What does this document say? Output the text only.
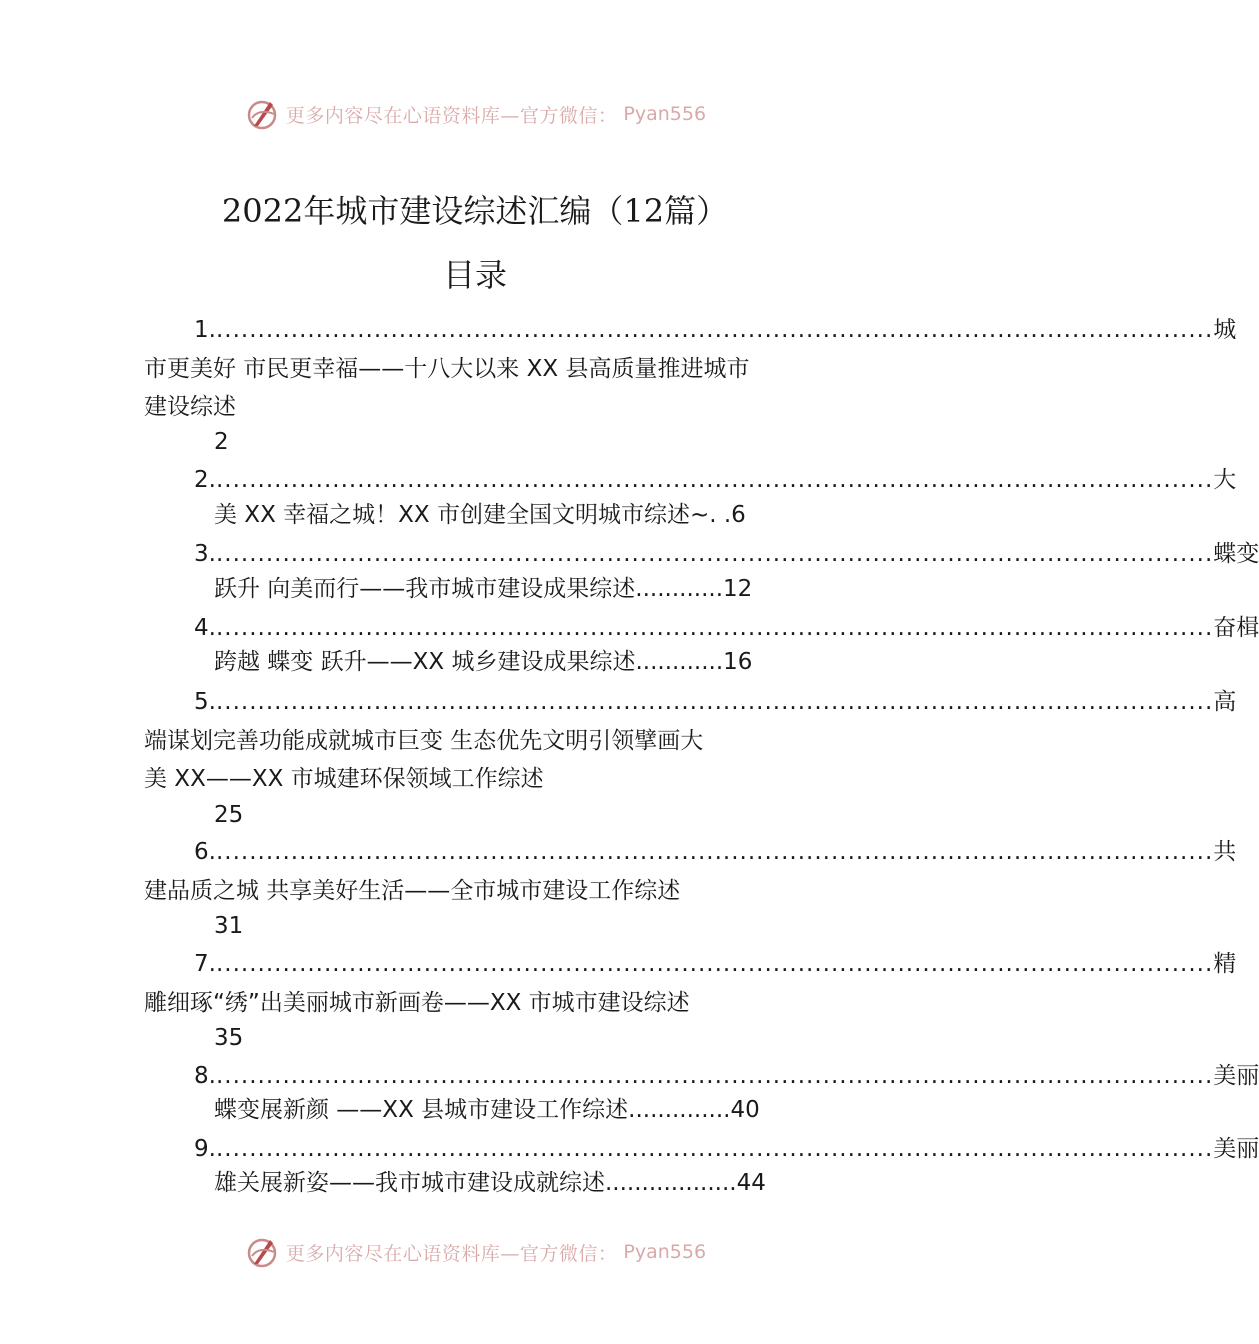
更多内容尽在心语资料库—官方微信： Pyan556
2022年城市建设综述汇编（12篇）
目录
1. ........................................................................................................................ 城
市更美好 市民更幸福——十八大以来 XX 县高质量推进城市
建设综述
2
2. ........................................................................................................................ 大
美 XX 幸福之城！XX 市创建全国文明城市综述~. .6
3. ........................................................................................................................ 蝶变
跃升 向美而行——我市城市建设成果综述............12
4. ........................................................................................................................ 奋楫
跨越 蝶变 跃升——XX 城乡建设成果综述............16
5. ........................................................................................................................ 高
端谋划完善功能成就城市巨变 生态优先文明引领擘画大
美 XX——XX 市城建环保领域工作综述
25
6. ........................................................................................................................ 共
建品质之城 共享美好生活——全市城市建设工作综述
31
7. ........................................................................................................................ 精
雕细琢“绣”出美丽城市新画卷——XX 市城市建设综述
35
8. ........................................................................................................................ 美丽
蝶变展新颜 ——XX 县城市建设工作综述..............40
9. ........................................................................................................................ 美丽
雄关展新姿——我市城市建设成就综述..................44
更多内容尽在心语资料库—官方微信： Pyan556
